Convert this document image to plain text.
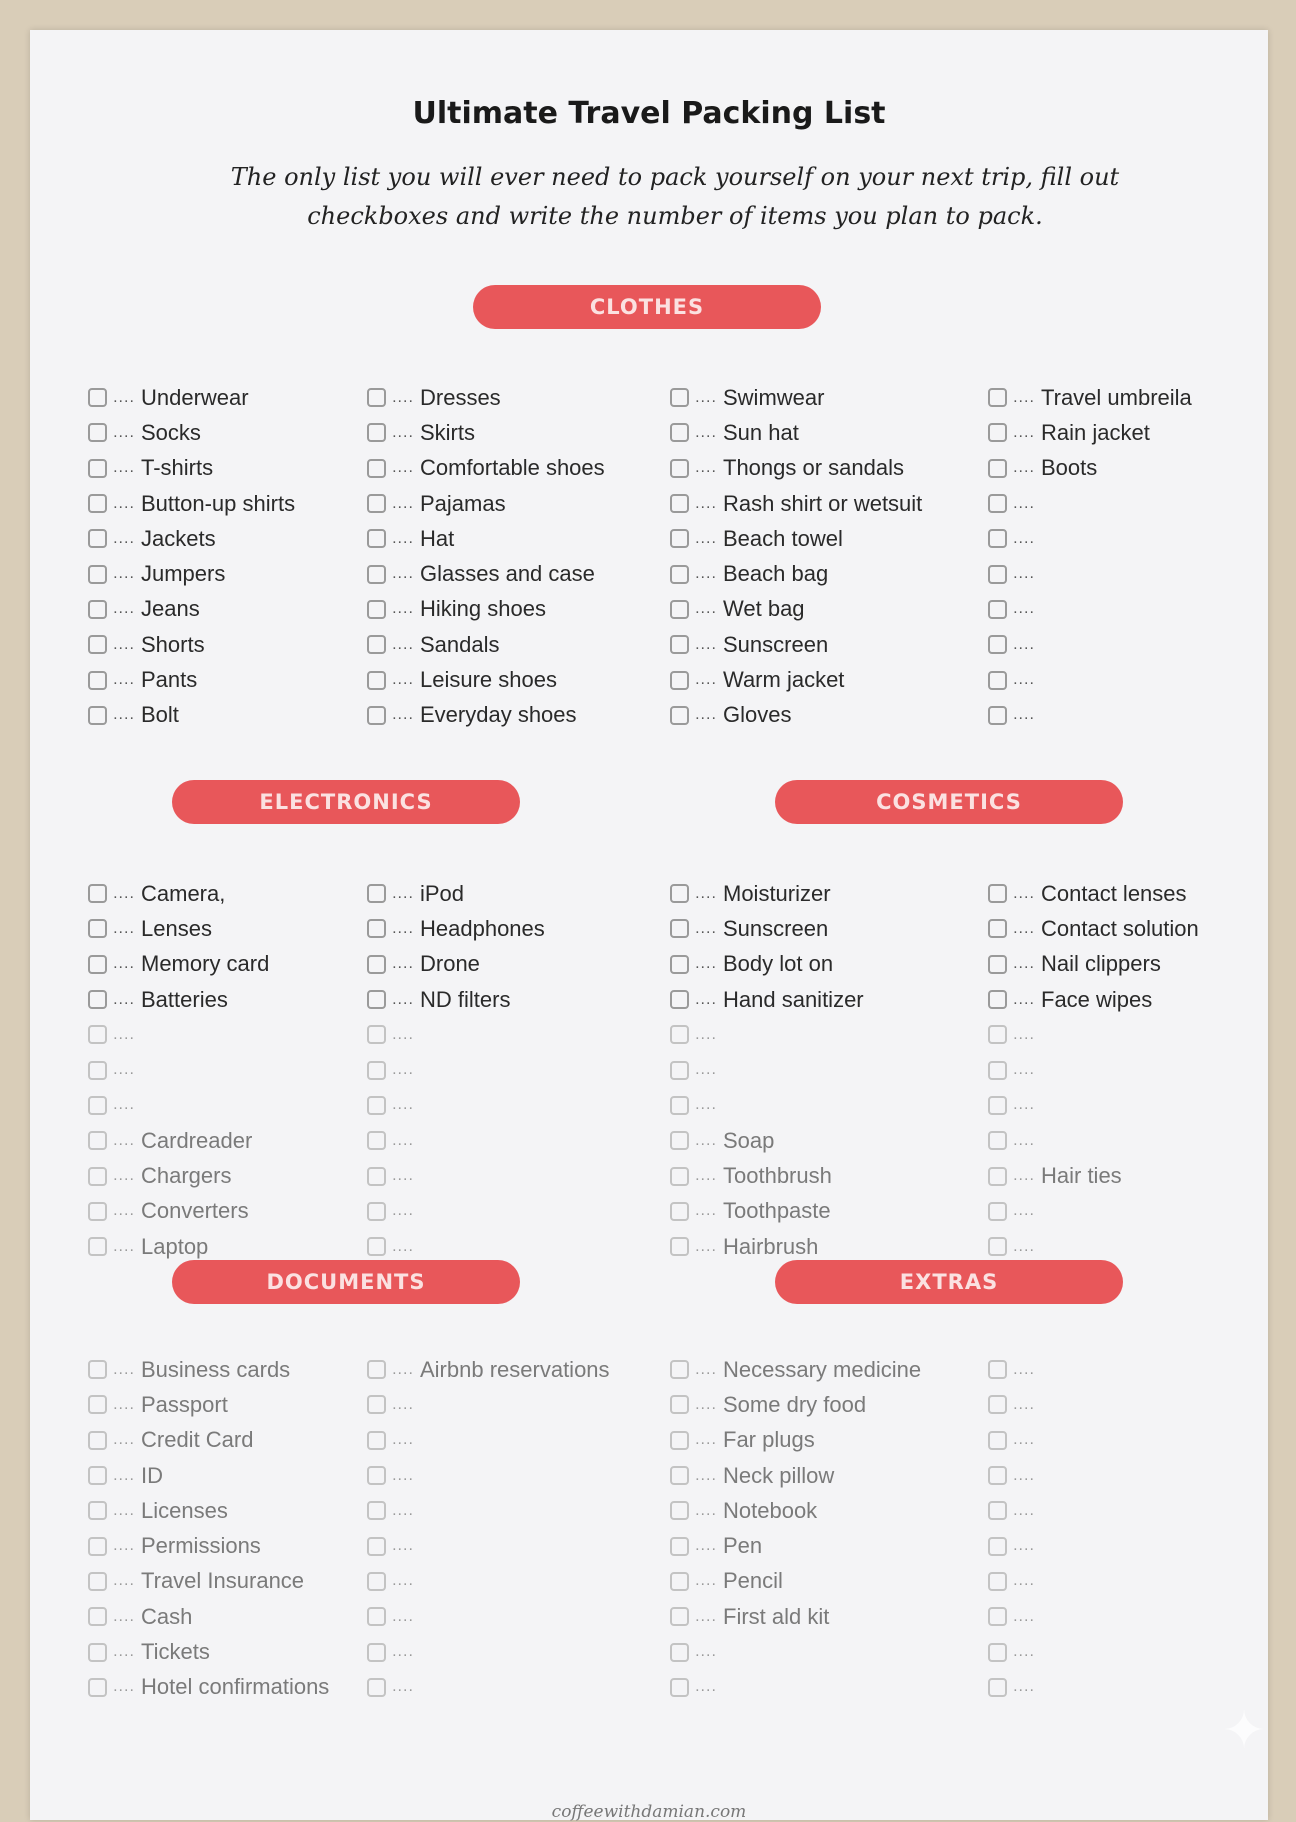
Ultimate Travel Packing List
The only list you will ever need to pack yourself on your next trip, fill out checkboxes and write the number of items you plan to pack.
CLOTHES
ELECTRONICS	COSMETICS
DOCUMENTS	EXTRAS
.... Underwear
.... Socks
.... T-shirts
.... Button-up shirts
.... Jackets
.... Jumpers
.... Jeans
.... Shorts
.... Pants
.... Bolt
.... Dresses
.... Skirts
.... Comfortable shoes
.... Pajamas
.... Hat
.... Glasses and case
.... Hiking shoes
.... Sandals
.... Leisure shoes
.... Everyday shoes
.... Swimwear
.... Sun hat
.... Thongs or sandals
.... Rash shirt or wetsuit
.... Beach towel
.... Beach bag
.... Wet bag
.... Sunscreen
.... Warm jacket
.... Gloves
.... Travel umbreila
.... Rain jacket
.... Boots
....
....
....
....
....
....
....
.... Camera,
.... Lenses
.... Memory card
.... Batteries
....
....
....
.... Cardreader
.... Chargers
.... Converters
.... Laptop
.... iPod
.... Headphones
.... Drone
.... ND filters
....
....
....
....
....
....
....
.... Moisturizer
.... Sunscreen
.... Body lot on
.... Hand sanitizer
....
....
....
.... Soap
.... Toothbrush
.... Toothpaste
.... Hairbrush
.... Contact lenses
.... Contact solution
.... Nail clippers
.... Face wipes
....
....
....
....
.... Hair ties
....
....
.... Business cards
.... Passport
.... Credit Card
.... ID
.... Licenses
.... Permissions
.... Travel Insurance
.... Cash
.... Tickets
.... Hotel confirmations
.... Airbnb reservations
....
....
....
....
....
....
....
....
....
.... Necessary medicine
.... Some dry food
.... Far plugs
.... Neck pillow
.... Notebook
.... Pen
.... Pencil
.... First ald kit
....
....
....
....
....
....
....
....
....
....
....
....
coffeewithdamian.com
✦
